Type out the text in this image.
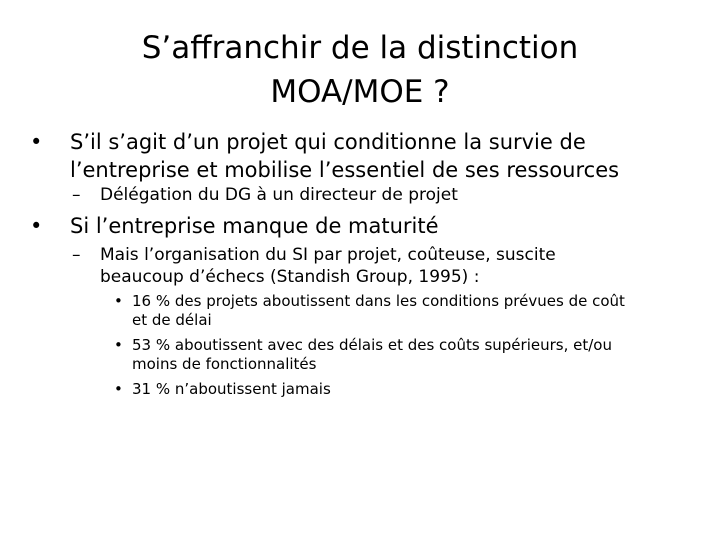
S’affranchir de la distinction
MOA/MOE ?
• S’il s’agit d’un projet qui conditionne la survie de
l’entreprise et mobilise l’essentiel de ses ressources
– Délégation du DG à un directeur de projet
• Si l’entreprise manque de maturité
– Mais l’organisation du SI par projet, coûteuse, suscite
beaucoup d’échecs (Standish Group, 1995) :
• 16 % des projets aboutissent dans les conditions prévues de coût
et de délai
• 53 % aboutissent avec des délais et des coûts supérieurs, et/ou
moins de fonctionnalités
• 31 % n’aboutissent jamais
